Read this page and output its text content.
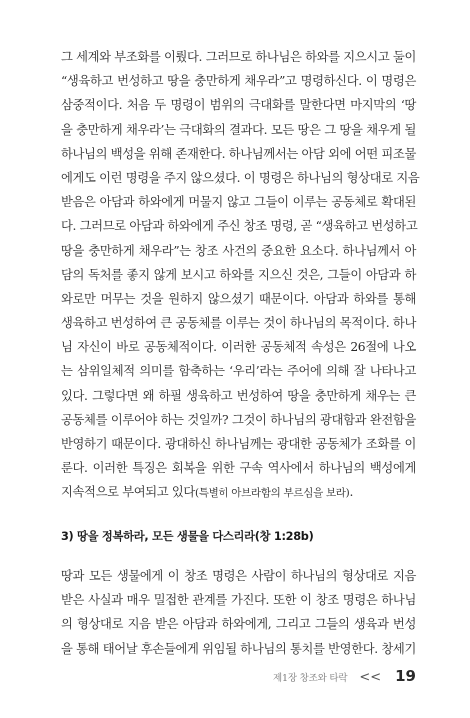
그 세계와 부조화를 이뤘다. 그러므로 하나님은 하와를 지으시고 둘이
“생육하고 번성하고 땅을 충만하게 채우라”고 명령하신다. 이 명령은
삼중적이다. 처음 두 명령이 범위의 극대화를 말한다면 마지막의 ‘땅
을 충만하게 채우라’는 극대화의 결과다. 모든 땅은 그 땅을 채우게 될
하나님의 백성을 위해 존재한다. 하나님께서는 아담 외에 어떤 피조물
에게도 이런 명령을 주지 않으셨다. 이 명령은 하나님의 형상대로 지음
받음은 아담과 하와에게 머물지 않고 그들이 이루는 공동체로 확대된
다. 그러므로 아담과 하와에게 주신 창조 명령, 곧 “생육하고 번성하고
땅을 충만하게 채우라”는 창조 사건의 중요한 요소다. 하나님께서 아
담의 독처를 좋지 않게 보시고 하와를 지으신 것은, 그들이 아담과 하
와로만 머무는 것을 원하지 않으셨기 때문이다. 아담과 하와를 통해
생육하고 번성하여 큰 공동체를 이루는 것이 하나님의 목적이다. 하나
님 자신이 바로 공동체적이다. 이러한 공동체적 속성은 26절에 나오
는 삼위일체적 의미를 함축하는 ‘우리’라는 주어에 의해 잘 나타나고
있다. 그렇다면 왜 하필 생육하고 번성하여 땅을 충만하게 채우는 큰
공동체를 이루어야 하는 것일까? 그것이 하나님의 광대함과 완전함을
반영하기 때문이다. 광대하신 하나님께는 광대한 공동체가 조화를 이
룬다. 이러한 특징은 회복을 위한 구속 역사에서 하나님의 백성에게
지속적으로 부여되고 있다(특별히 아브라함의 부르심을 보라).
3) 땅을 정복하라, 모든 생물을 다스리라(창 1:28b)
땅과 모든 생물에게 이 창조 명령은 사람이 하나님의 형상대로 지음
받은 사실과 매우 밀접한 관계를 가진다. 또한 이 창조 명령은 하나님
의 형상대로 지음 받은 아담과 하와에게, 그리고 그들의 생육과 번성
을 통해 태어날 후손들에게 위임될 하나님의 통치를 반영한다. 창세기
제1장 창조와 타락 << 19
